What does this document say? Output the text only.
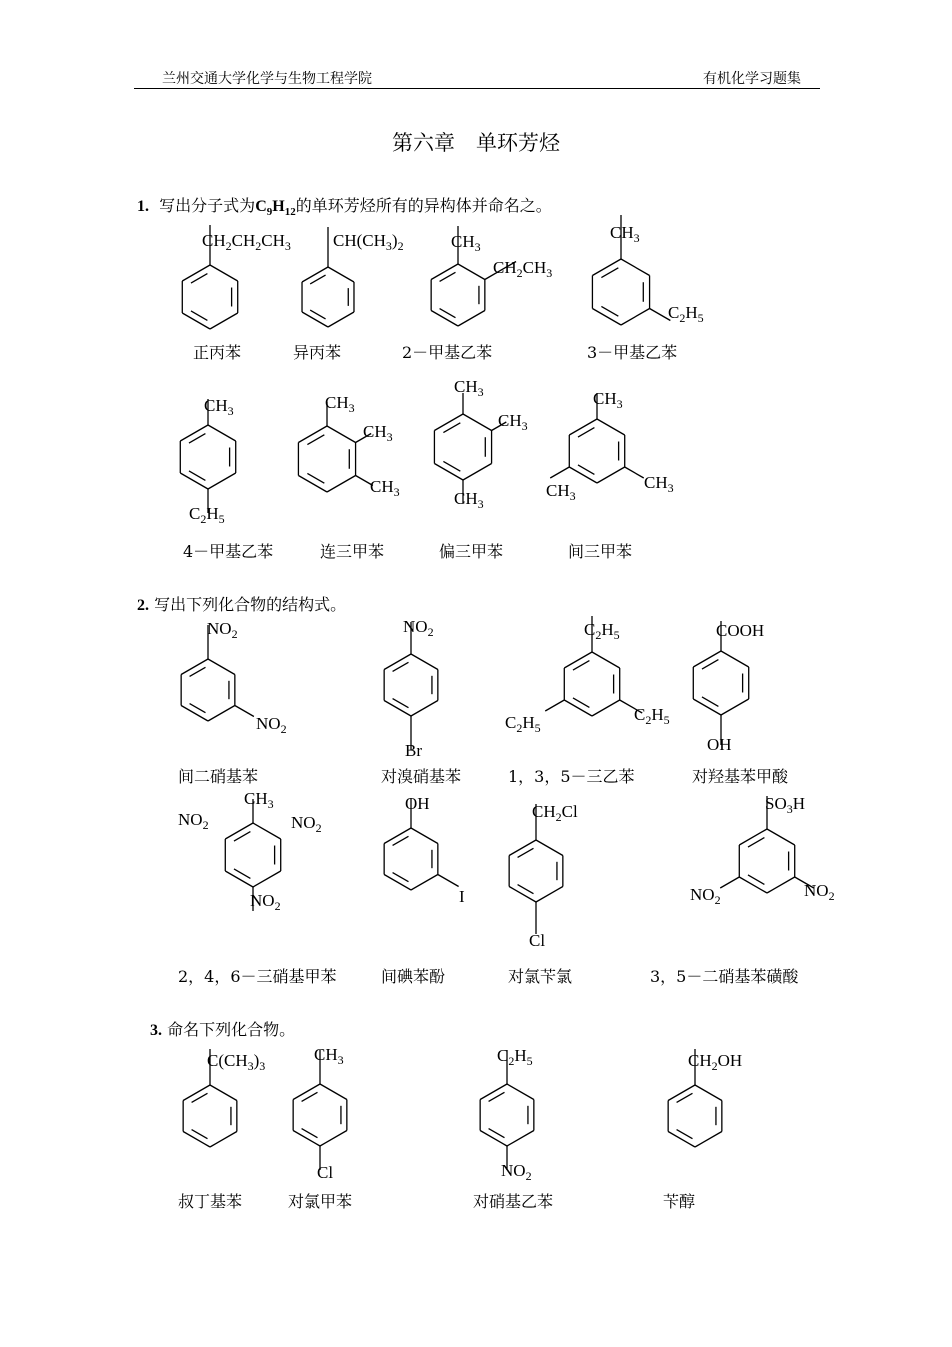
兰州交通大学化学与生物工程学院	有机化学习题集
第六章　单环芳烃
1. 写出分子式为$C_9H_{12}$的单环芳烃所有的异构体并命名之。
2. 写出下列化合物的结构式。
3. 命名下列化合物。
$CH_2CH_2CH_3$ $CH(CH_3)_2$	$CH_3$
$CH_2CH_3$
$CH_3$
$C_2H_5$
$CH_3$
$C_2H_5$
$CH_3$
$CH_3$
$CH_3$
$CH_3$
$CH_3$
$CH_3$
$CH_3$
$CH_3$
$CH_3$
正丙苯	异丙苯	2－甲基乙苯	3－甲基乙苯
4－甲基乙苯	连三甲苯	偏三甲苯	间三甲苯
$NO_2$
$NO_2$
$NO_2$
Br
$C_2H_5$
$C_2H_5$
$C_2H_5$
COOH
OH
$CH_3$
$NO_2$	$NO_2$
$NO_2$
OH
I
$CH_2Cl$
Cl
$SO_3H$
$NO_2$	$NO_2$
间二硝基苯	对溴硝基苯	1，3，5－三乙苯	对羟基苯甲酸
2，4，6－三硝基甲苯	间碘苯酚	对氯苄氯	3，5－二硝基苯磺酸
$C(CH_3)_3$
$CH_3$
Cl
$C_2H_5$
$NO_2$
$CH_2OH$
叔丁基苯	对氯甲苯	对硝基乙苯	苄醇
